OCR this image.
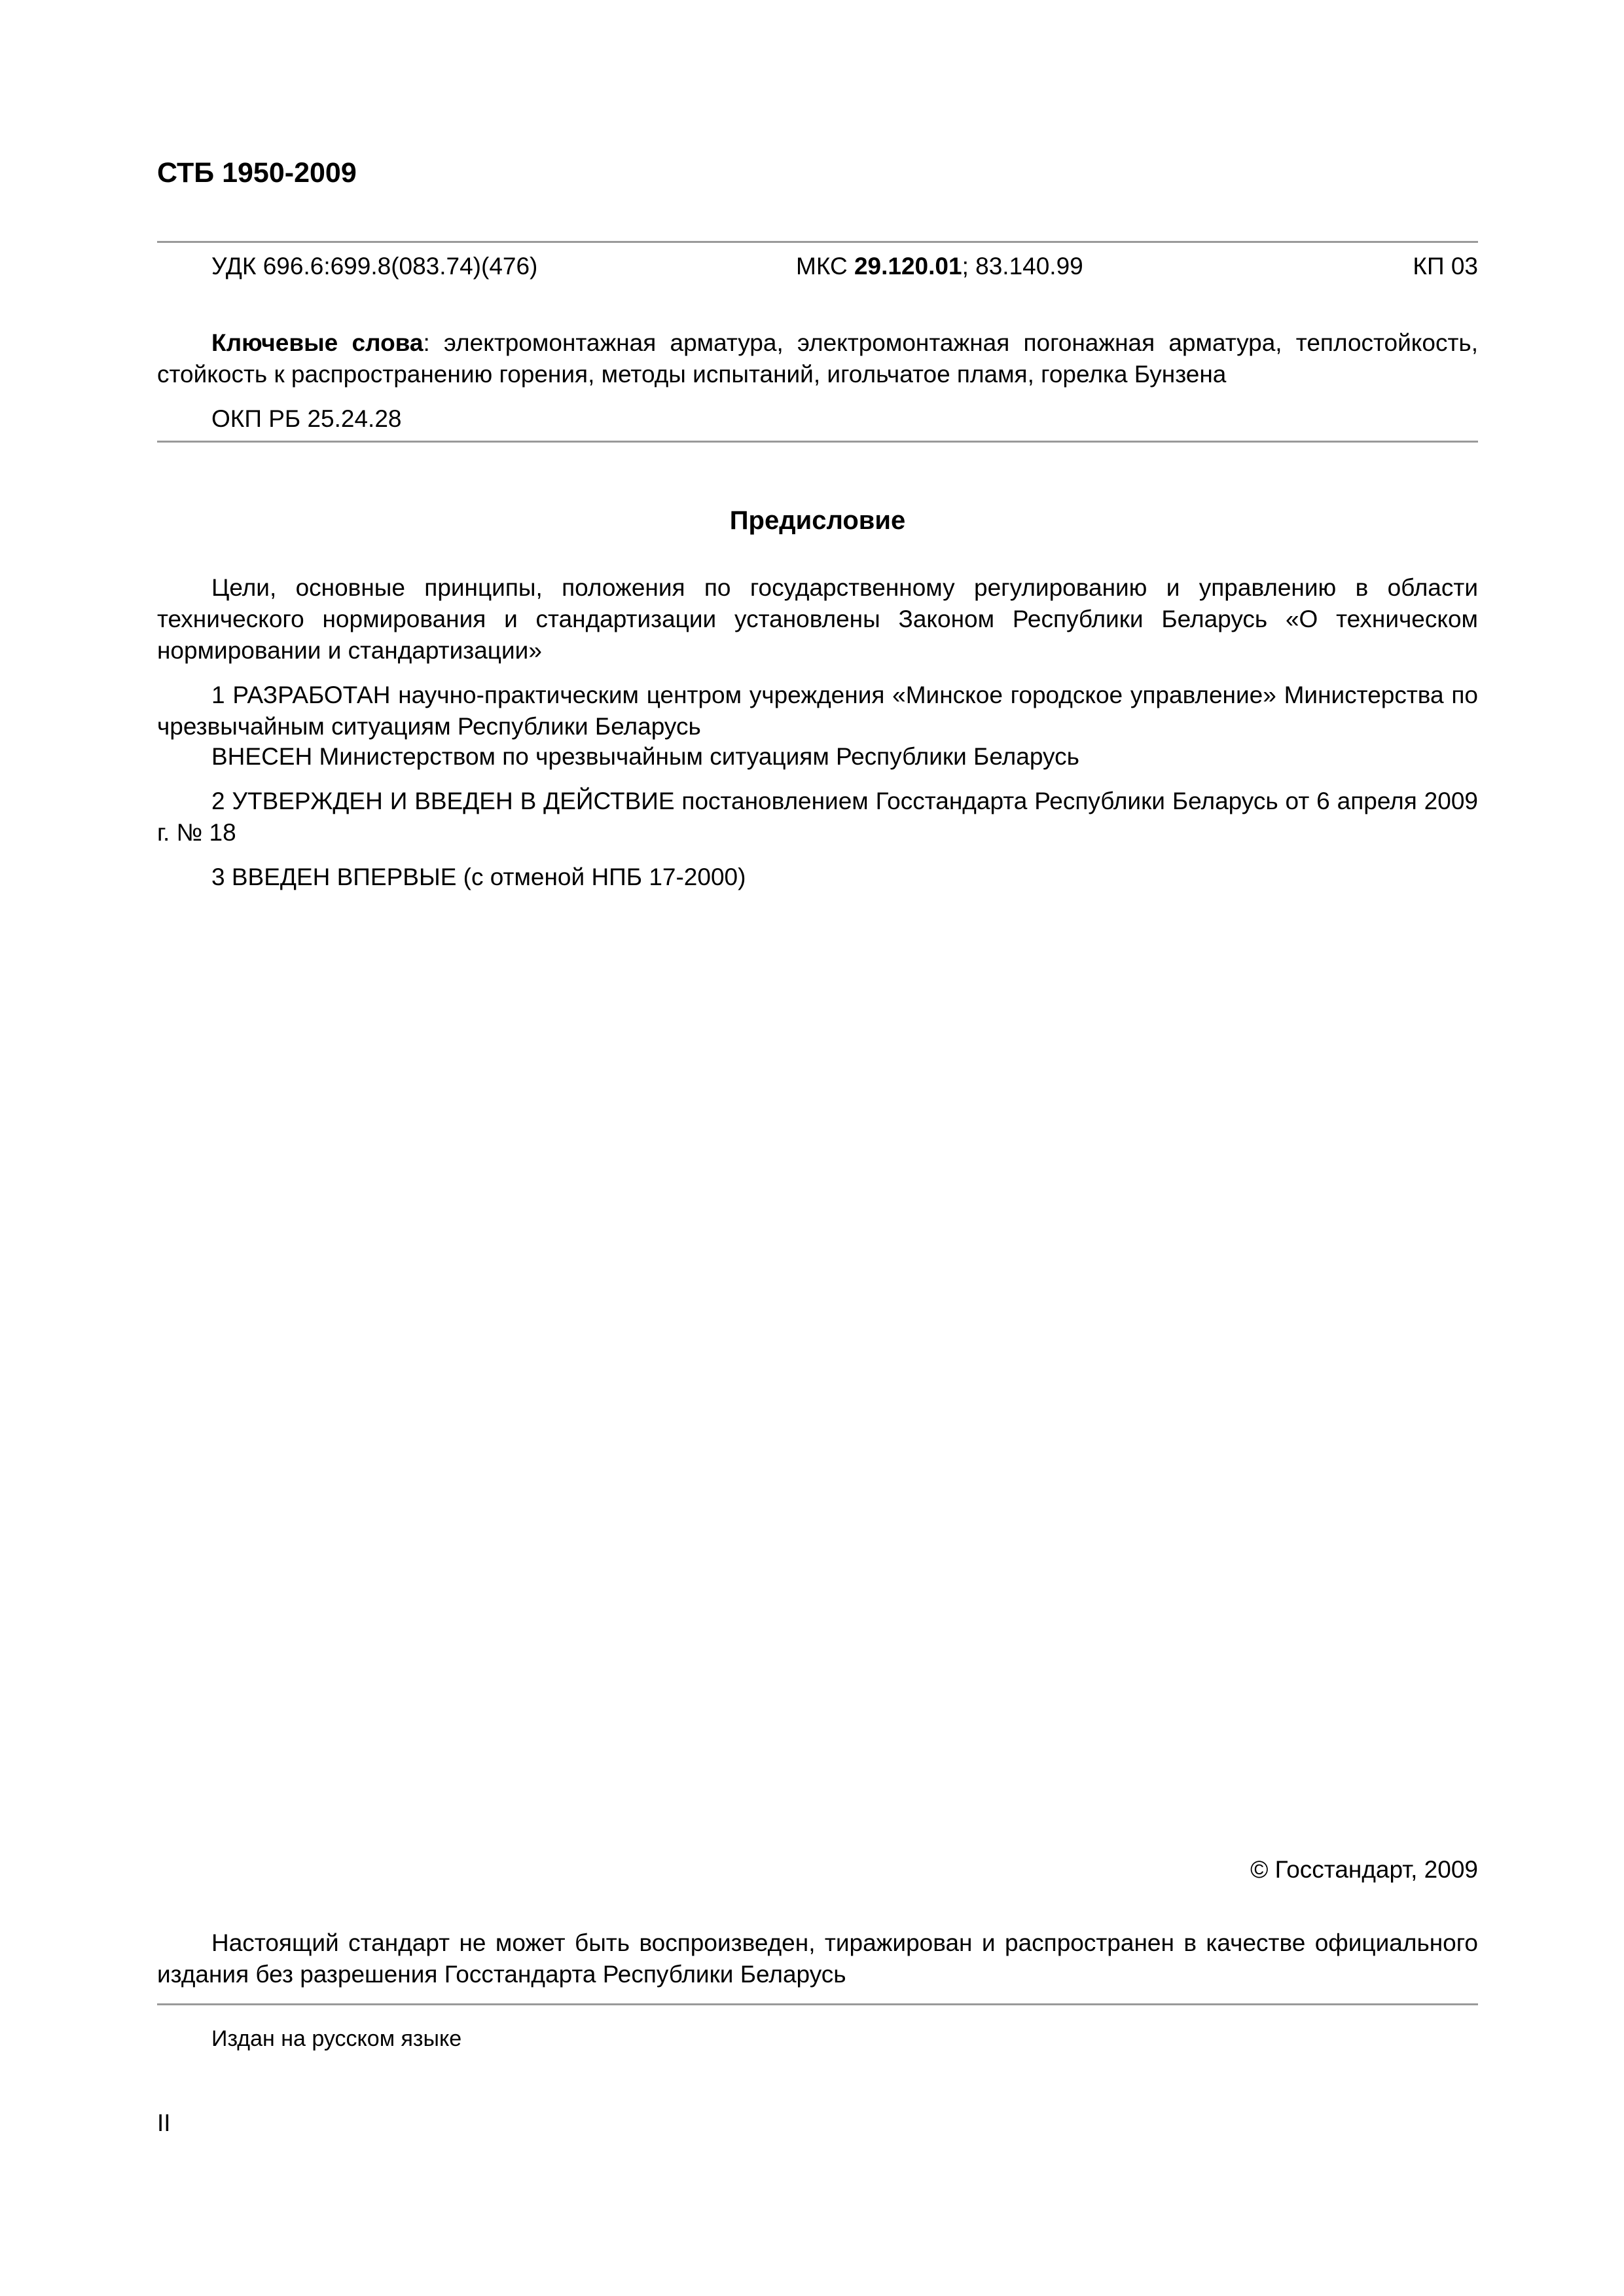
СТБ 1950-2009
УДК 696.6:699.8(083.74)(476)	МКС 29.120.01; 83.140.99	КП 03

Ключевые слова: электромонтажная арматура, электромонтажная погонажная арматура, теплостойкость, стойкость к распространению горения, методы испытаний, игольчатое пламя, горелка Бунзена

ОКП РБ 25.24.28

Предисловие

Цели, основные принципы, положения по государственному регулированию и управлению в области технического нормирования и стандартизации установлены Законом Республики Беларусь «О техническом нормировании и стандартизации»

1 РАЗРАБОТАН научно-практическим центром учреждения «Минское городское управление» Министерства по чрезвычайным ситуациям Республики Беларусь

ВНЕСЕН Министерством по чрезвычайным ситуациям Республики Беларусь

2 УТВЕРЖДЕН И ВВЕДЕН В ДЕЙСТВИЕ постановлением Госстандарта Республики Беларусь от 6 апреля 2009 г. № 18

3 ВВЕДЕН ВПЕРВЫЕ (с отменой НПБ 17-2000)

© Госстандарт, 2009

Настоящий стандарт не может быть воспроизведен, тиражирован и распространен в качестве официального издания без разрешения Госстандарта Республики Беларусь

Издан на русском языке
II
